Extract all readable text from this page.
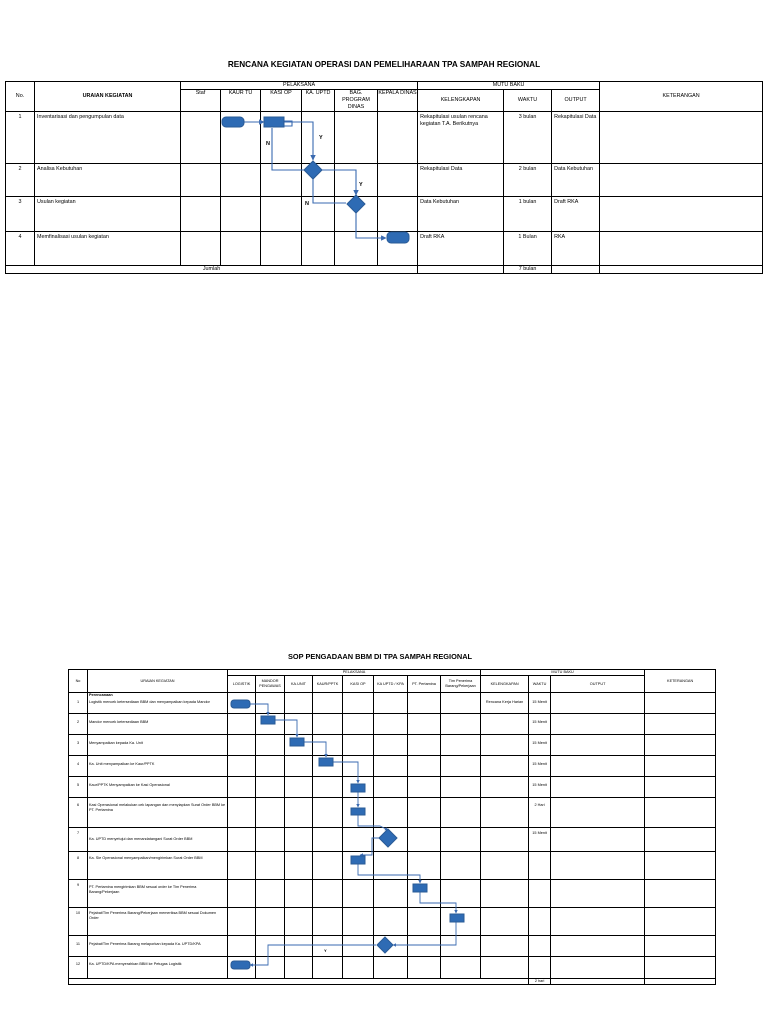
RENCANA KEGIATAN OPERASI DAN PEMELIHARAAN TPA SAMPAH REGIONAL
No.	URAIAN KEGIATAN	PELAKSANA						MUTU BAKU			KETERANGAN
		Staf	KAUR TU	KASI OP	KA. UPTD	BAG. PROGRAM DINAS	KEPALA DINAS	KELENGKAPAN	WAKTU	OUTPUT	
1	Inventarisasi dan pengumpulan data							Rekapitulasi usulan rencana kegiatan T.A. Berikutnya	3 bulan	Rekapitulasi Data	
2	Analisa Kebutuhan							Rekapitulasi Data	2 bulan	Data Kebutuhan	
3	Usulan kegiatan							Data Kebutuhan	1 bulan	Draft RKA	
4	Memfinalisasi usulan kegiatan							Draft RKA	1 Bulan	RKA	
Jumlah									7 bulan		
N
Y
Y
N
SOP PENGADAAN BBM DI TPA SAMPAH REGIONAL
No	URAIAN KEGIATAN	PELAKSANA								MUTU BAKU			KETERANGAN
		LOGISTIK	MANDOR PENGAWAS	KA.UNIT	KAUR/PPTK	KASI OP	KA UPTD / KPA	PT. Pertamina	Tim Penerima Barang/Pekerjaan	KELENGKAPAN	WAKTU	OUTPUT	
	Perencanaan												
1	Logistik mencek ketersediaan BBM dan menyampaikan kepada Mandor									Rencana Kerja Harian	15 Menit		
2	Mandor mencek ketersediaan BBM										15 Menit		
3	Menyampaikan kepada Ka. Unit										15 Menit		
4	Ka. Unit menyampaikan ke Kaur/PPTK										15 Menit		
5	Kaur/PPTK Menyampaikan ke Kasi Operasional										15 Menit		
6	Kasi Operasional melakukan cek lapangan dan menyiapkan Surat Order BBM ke PT. Pertamina										2 Hari		
7	Ka. UPTD menyetujui dan menandatangani Surat Order BBM										15 Menit		
8	Ka. Sie Operasional menyampaikan/mengirimkan Surat Order BBM												
9	PT. Pertamina mengirimkan BBM sesuai order ke Tim Penerima Barang/Pekerjaan												
10	Pejabat/Tim Penerima Barang/Pekerjaan memeriksa BBM sesuai Dokumen Order												
11	Pejabat/Tim Penerima Barang melaporkan kepada Ka. UPTD/KPA												
12	Ka. UPTD/KPA menyerahkan BBM ke Petugas Logistik												
											2 hari		
Y
